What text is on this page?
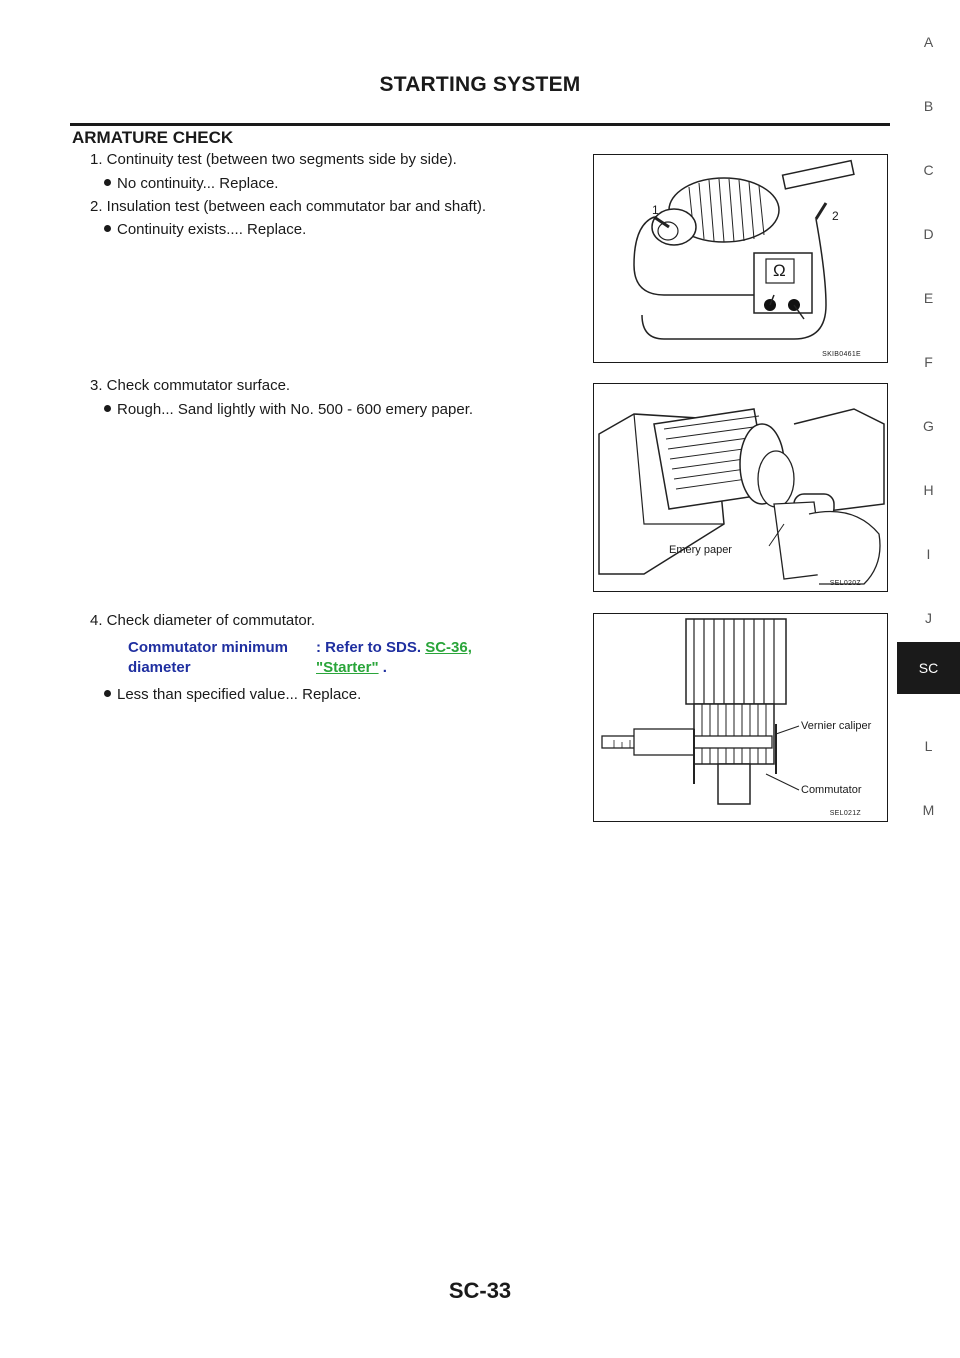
STARTING SYSTEM
ARMATURE CHECK
1. Continuity test (between two segments side by side).
No continuity... Replace.
2. Insulation test (between each commutator bar and shaft).
Continuity exists.... Replace.
3. Check commutator surface.
Rough... Sand lightly with No. 500 - 600 emery paper.
4. Check diameter of commutator.
Commutator minimum
diameter
: Refer to SDS. SC-36,
"Starter" .
Less than specified value... Replace.
1	2
Ω
SKIB0461E
Emery paper
SEL020Z
Vernier caliper
Commutator
SEL021Z
A
B
C
D
E
F
G
H
I
J
SC
L
M
SC-33
